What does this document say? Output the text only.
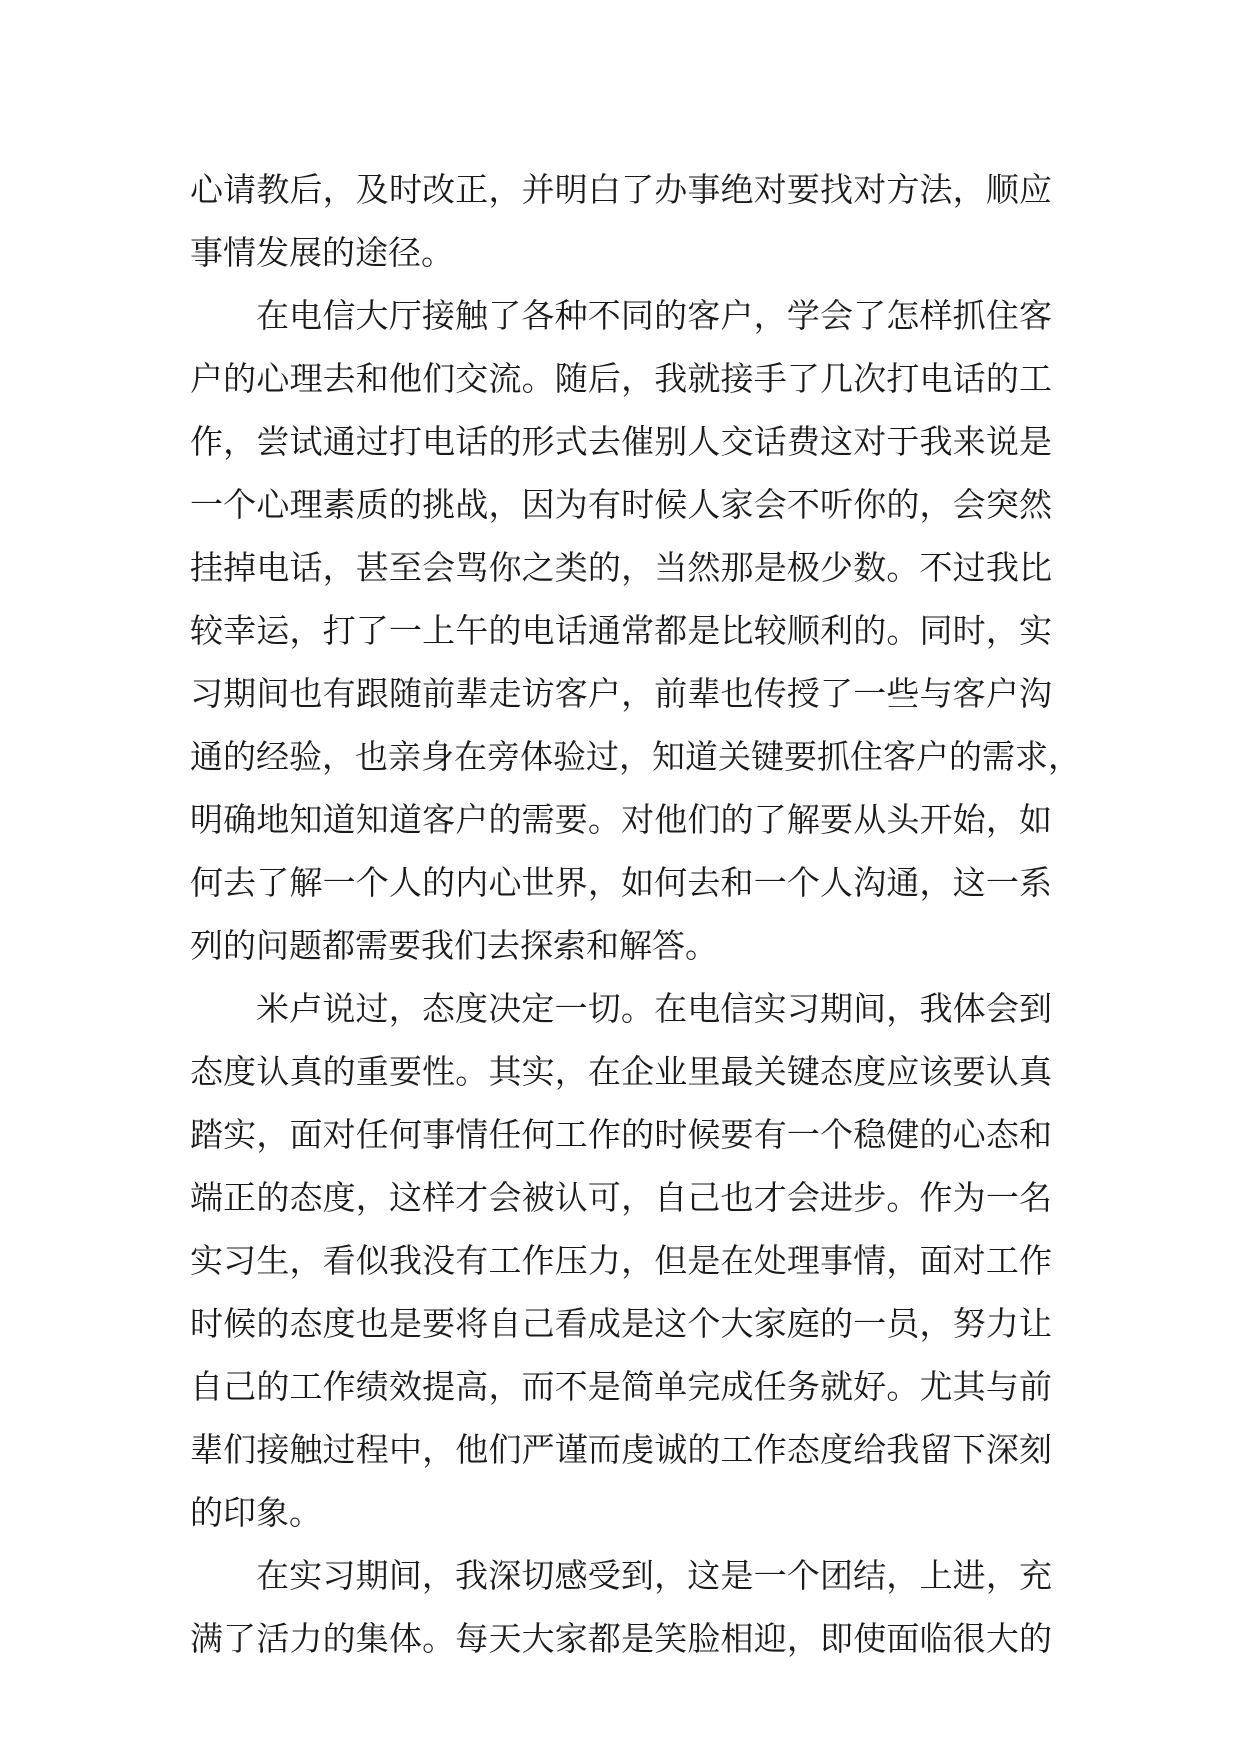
心请教后，及时改正，并明白了办事绝对要找对方法，顺应
事情发展的途径。
在电信大厅接触了各种不同的客户，学会了怎样抓住客
户的心理去和他们交流。随后，我就接手了几次打电话的工
作，尝试通过打电话的形式去催别人交话费这对于我来说是
一个心理素质的挑战，因为有时候人家会不听你的，会突然
挂掉电话，甚至会骂你之类的，当然那是极少数。不过我比
较幸运，打了一上午的电话通常都是比较顺利的。同时，实
习期间也有跟随前辈走访客户，前辈也传授了一些与客户沟
通的经验，也亲身在旁体验过，知道关键要抓住客户的需求，
明确地知道知道客户的需要。对他们的了解要从头开始，如
何去了解一个人的内心世界，如何去和一个人沟通，这一系
列的问题都需要我们去探索和解答。
米卢说过，态度决定一切。在电信实习期间，我体会到
态度认真的重要性。其实，在企业里最关键态度应该要认真
踏实，面对任何事情任何工作的时候要有一个稳健的心态和
端正的态度，这样才会被认可，自己也才会进步。作为一名
实习生，看似我没有工作压力，但是在处理事情，面对工作
时候的态度也是要将自己看成是这个大家庭的一员，努力让
自己的工作绩效提高，而不是简单完成任务就好。尤其与前
辈们接触过程中，他们严谨而虔诚的工作态度给我留下深刻
的印象。
在实习期间，我深切感受到，这是一个团结，上进，充
满了活力的集体。每天大家都是笑脸相迎，即使面临很大的
